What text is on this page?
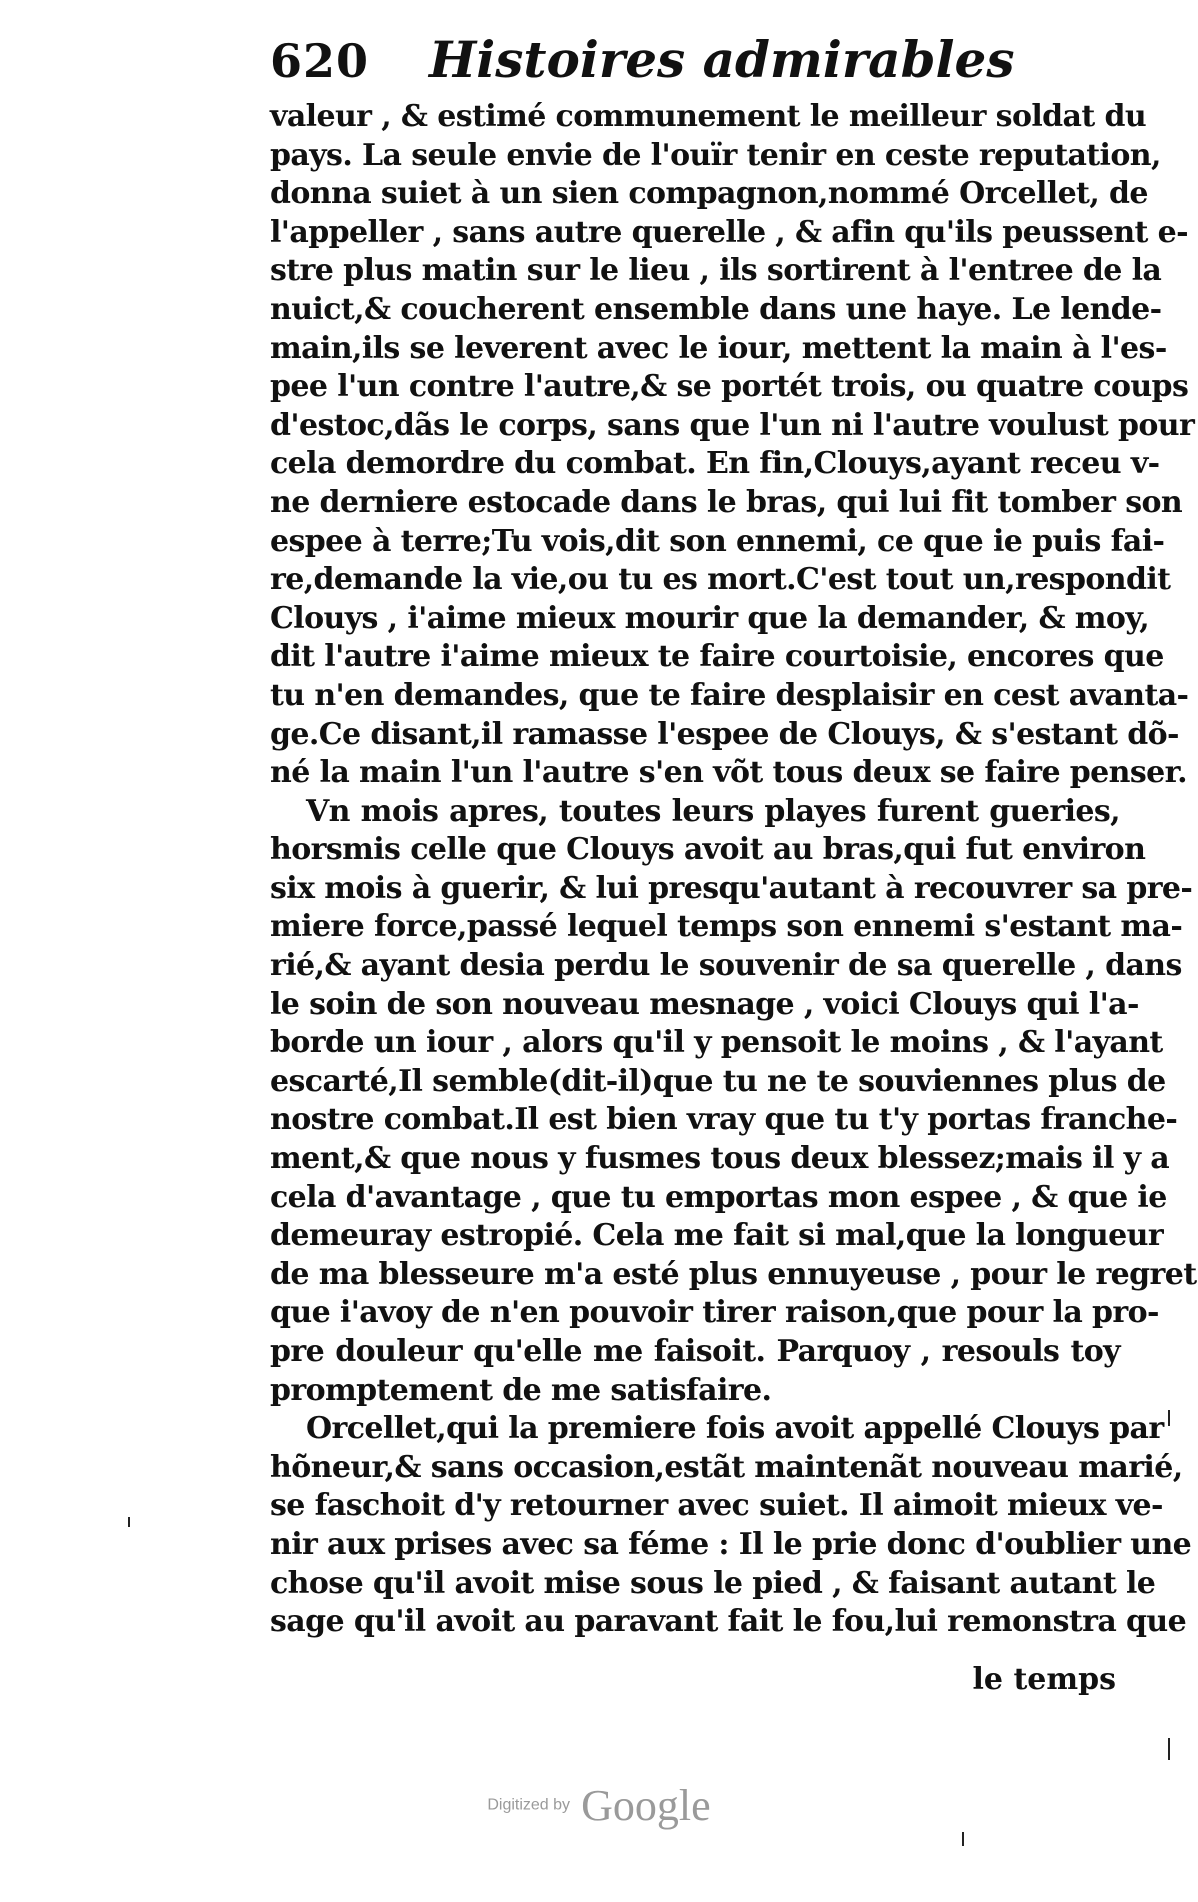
620 Histoires admirables
valeur , & estimé communement le meilleur soldat du
pays. La seule envie de l'ouïr tenir en ceste reputation,
donna suiet à un sien compagnon,nommé Orcellet, de
l'appeller , sans autre querelle , & afin qu'ils peussent e-
stre plus matin sur le lieu , ils sortirent à l'entree de la
nuict,& coucherent ensemble dans une haye. Le lende-
main,ils se leverent avec le iour, mettent la main à l'es-
pee l'un contre l'autre,& se portét trois, ou quatre coups
d'estoc,dãs le corps, sans que l'un ni l'autre voulust pour
cela demordre du combat. En fin,Clouys,ayant receu v-
ne derniere estocade dans le bras, qui lui fit tomber son
espee à terre;Tu vois,dit son ennemi, ce que ie puis fai-
re,demande la vie,ou tu es mort.C'est tout un,respondit
Clouys , i'aime mieux mourir que la demander, & moy,
dit l'autre i'aime mieux te faire courtoisie, encores que
tu n'en demandes, que te faire desplaisir en cest avanta-
ge.Ce disant,il ramasse l'espee de Clouys, & s'estant dõ-
né la main l'un l'autre s'en võt tous deux se faire penser.
Vn mois apres, toutes leurs playes furent gueries,
horsmis celle que Clouys avoit au bras,qui fut environ
six mois à guerir, & lui presqu'autant à recouvrer sa pre-
miere force,passé lequel temps son ennemi s'estant ma-
rié,& ayant desia perdu le souvenir de sa querelle , dans
le soin de son nouveau mesnage , voici Clouys qui l'a-
borde un iour , alors qu'il y pensoit le moins , & l'ayant
escarté,Il semble(dit-il)que tu ne te souviennes plus de
nostre combat.Il est bien vray que tu t'y portas franche-
ment,& que nous y fusmes tous deux blessez;mais il y a
cela d'avantage , que tu emportas mon espee , & que ie
demeuray estropié. Cela me fait si mal,que la longueur
de ma blesseure m'a esté plus ennuyeuse , pour le regret
que i'avoy de n'en pouvoir tirer raison,que pour la pro-
pre douleur qu'elle me faisoit. Parquoy , resouls toy
promptement de me satisfaire.
Orcellet,qui la premiere fois avoit appellé Clouys par
hõneur,& sans occasion,estãt maintenãt nouveau marié,
se faschoit d'y retourner avec suiet. Il aimoit mieux ve-
nir aux prises avec sa féme : Il le prie donc d'oublier une
chose qu'il avoit mise sous le pied , & faisant autant le
sage qu'il avoit au paravant fait le fou,lui remonstra que
le temps
Digitized by Google
